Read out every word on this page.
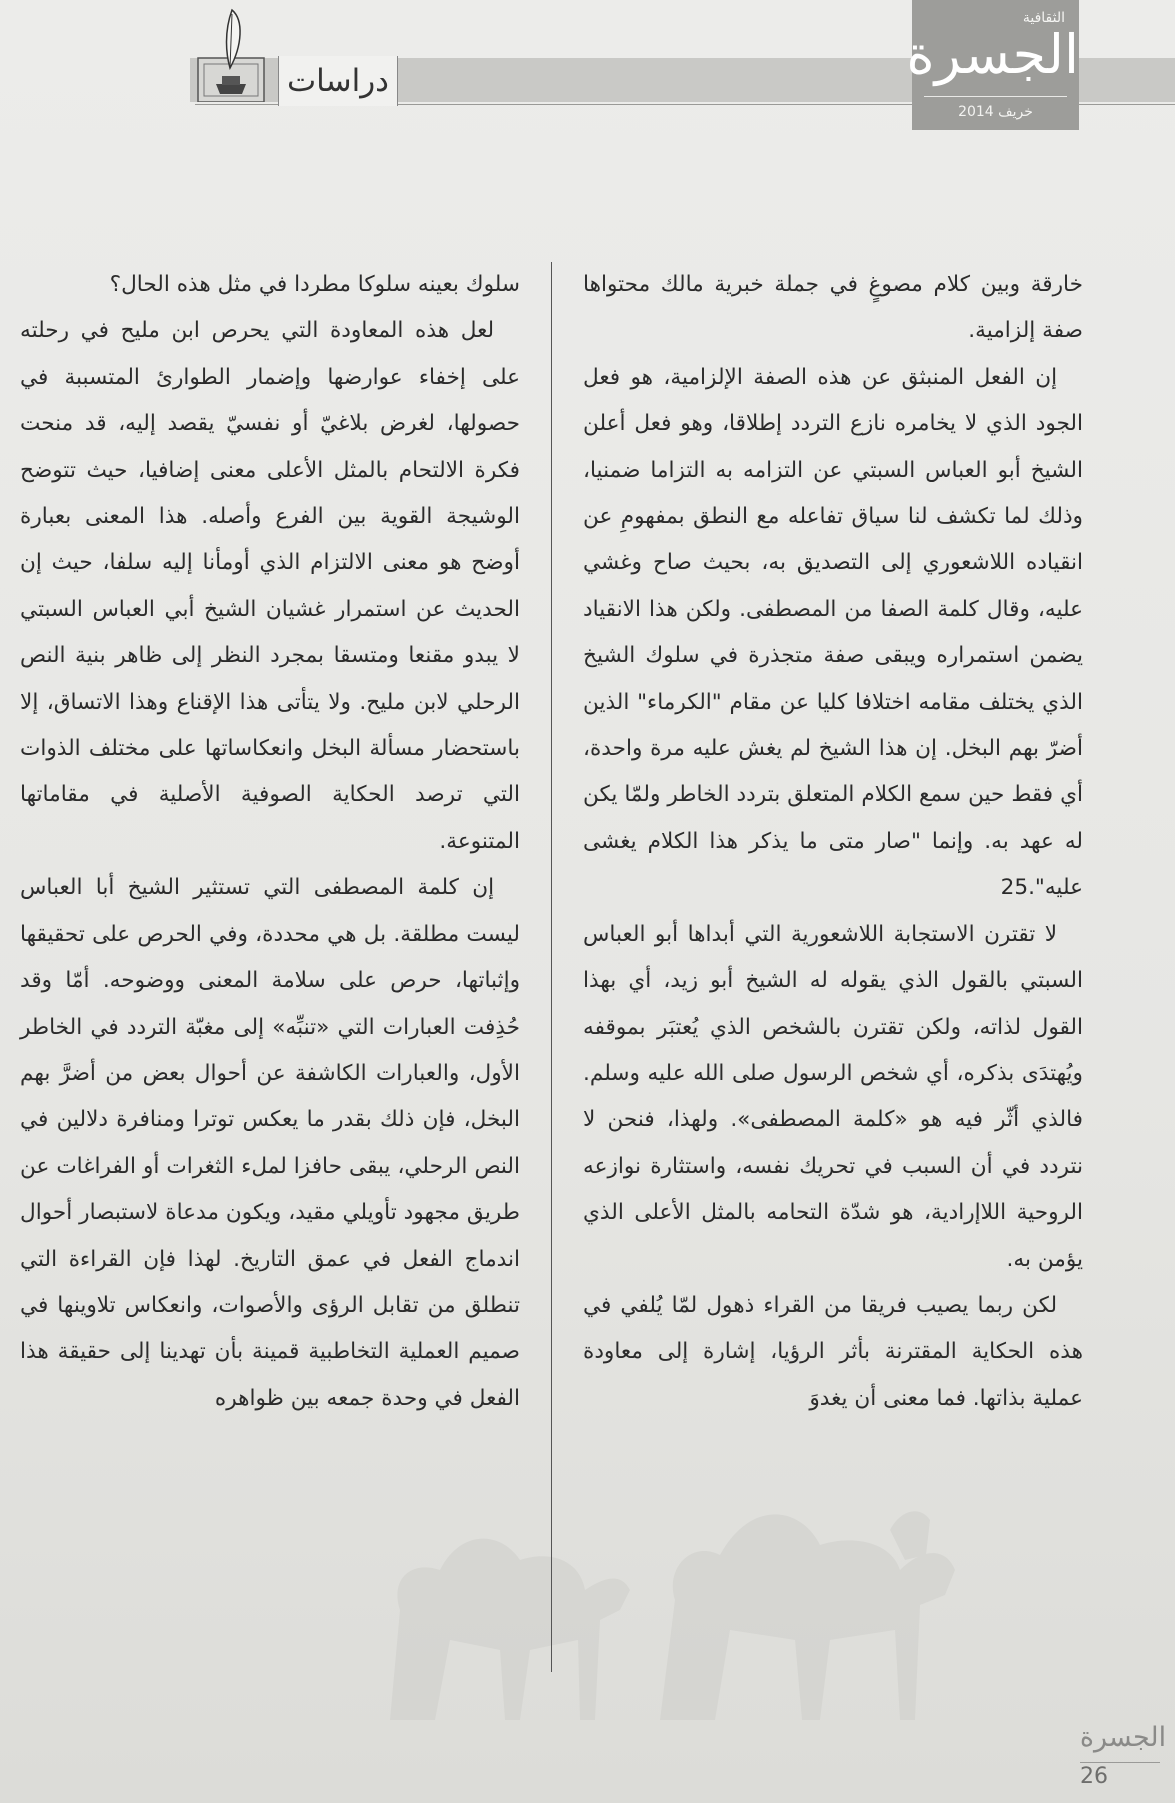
دراسات
الثقافية
الجسرة
خريف 2014

خارقة وبين كلام مصوغٍ في جملة خبرية مالك محتواها صفة إلزامية.

إن الفعل المنبثق عن هذه الصفة الإلزامية، هو فعل الجود الذي لا يخامره نازع التردد إطلاقا، وهو فعل أعلن الشيخ أبو العباس السبتي عن التزامه به التزاما ضمنيا، وذلك لما تكشف لنا سياق تفاعله مع النطق بمفهومِ عن انقياده اللاشعوري إلى التصديق به، بحيث صاح وغشي عليه، وقال كلمة الصفا من المصطفى. ولكن هذا الانقياد يضمن استمراره ويبقى صفة متجذرة في سلوك الشيخ الذي يختلف مقامه اختلافا كليا عن مقام "الكرماء" الذين أضرّ بهم البخل. إن هذا الشيخ لم يغش عليه مرة واحدة، أي فقط حين سمع الكلام المتعلق بتردد الخاطر ولمّا يكن له عهد به. وإنما "صار متى ما يذكر هذا الكلام يغشى عليه".25

لا تقترن الاستجابة اللاشعورية التي أبداها أبو العباس السبتي بالقول الذي يقوله له الشيخ أبو زيد، أي بهذا القول لذاته، ولكن تقترن بالشخص الذي يُعتبَر بموقفه ويُهتدَى بذكره، أي شخص الرسول صلى الله عليه وسلم. فالذي أثّر فيه هو «كلمة المصطفى». ولهذا، فنحن لا نتردد في أن السبب في تحريك نفسه، واستثارة نوازعه الروحية اللاإرادية، هو شدّة التحامه بالمثل الأعلى الذي يؤمن به.

لكن ربما يصيب فريقا من القراء ذهول لمّا يُلفي في هذه الحكاية المقترنة بأثر الرؤيا، إشارة إلى معاودة عملية بذاتها. فما معنى أن يغدوَ

سلوك بعينه سلوكا مطردا في مثل هذه الحال؟

لعل هذه المعاودة التي يحرص ابن مليح في رحلته على إخفاء عوارضها وإضمار الطوارئ المتسببة في حصولها، لغرض بلاغيّ أو نفسيّ يقصد إليه، قد منحت فكرة الالتحام بالمثل الأعلى معنى إضافيا، حيث تتوضح الوشيجة القوية بين الفرع وأصله. هذا المعنى بعبارة أوضح هو معنى الالتزام الذي أومأنا إليه سلفا، حيث إن الحديث عن استمرار غشيان الشيخ أبي العباس السبتي لا يبدو مقنعا ومتسقا بمجرد النظر إلى ظاهر بنية النص الرحلي لابن مليح. ولا يتأتى هذا الإقناع وهذا الاتساق، إلا باستحضار مسألة البخل وانعكاساتها على مختلف الذوات التي ترصد الحكاية الصوفية الأصلية في مقاماتها المتنوعة.

إن كلمة المصطفى التي تستثير الشيخ أبا العباس ليست مطلقة. بل هي محددة، وفي الحرص على تحقيقها وإثباتها، حرص على سلامة المعنى ووضوحه. أمّا وقد حُذِفت العبارات التي «تنبِّه» إلى مغبّة التردد في الخاطر الأول، والعبارات الكاشفة عن أحوال بعض من أضرَّ بهم البخل، فإن ذلك بقدر ما يعكس توترا ومنافرة دلالين في النص الرحلي، يبقى حافزا لملء الثغرات أو الفراغات عن طريق مجهود تأويلي مقيد، ويكون مدعاة لاستبصار أحوال اندماج الفعل في عمق التاريخ. لهذا فإن القراءة التي تنطلق من تقابل الرؤى والأصوات، وانعكاس تلاوينها في صميم العملية التخاطبية قمينة بأن تهدينا إلى حقيقة هذا الفعل في وحدة جمعه بين ظواهره

الجسرة
26
